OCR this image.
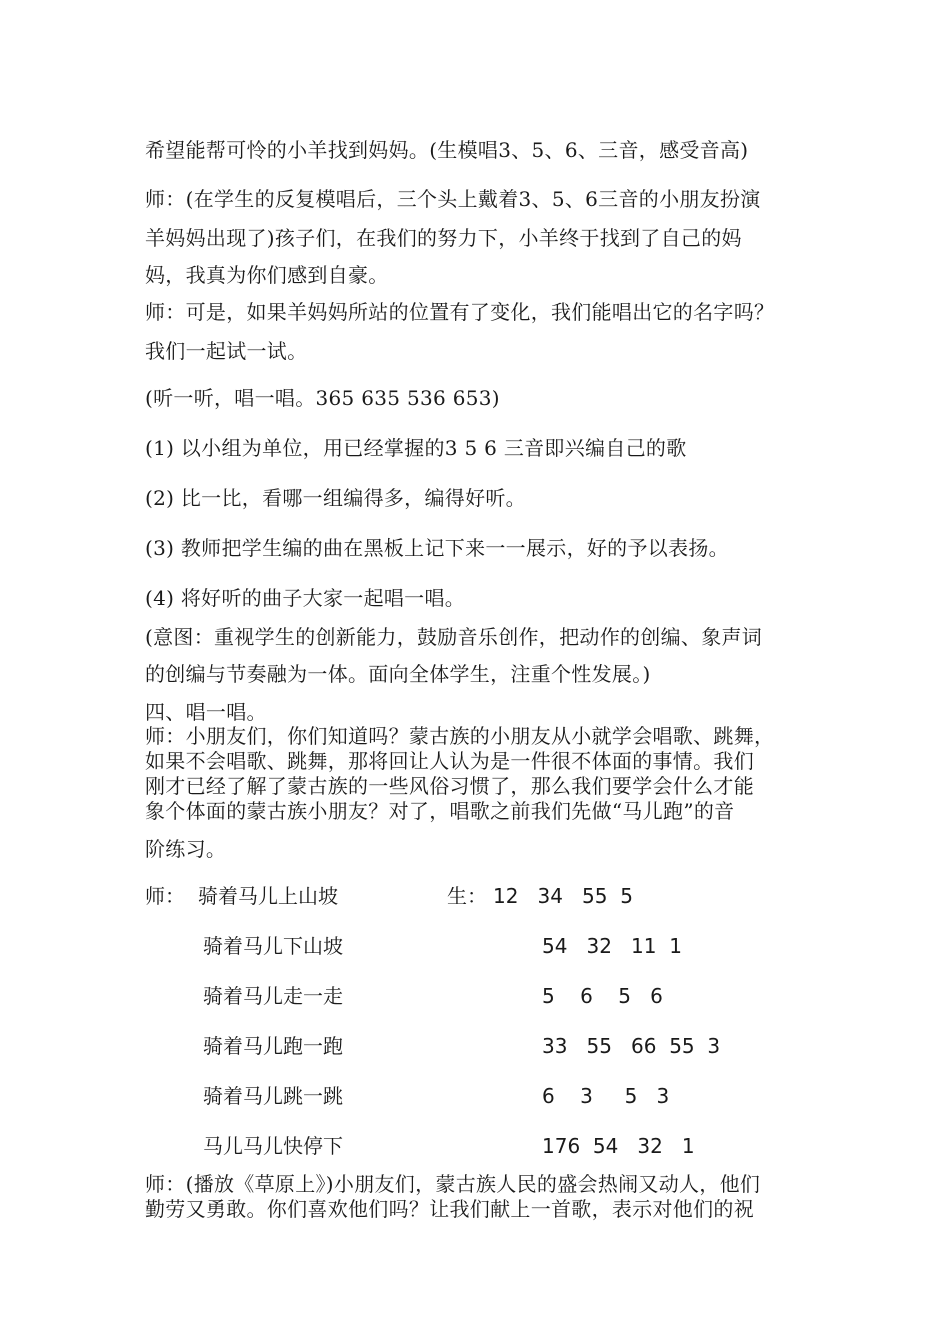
希望能帮可怜的小羊找到妈妈。(生模唱3、5、6、三音，感受音高)
师：(在学生的反复模唱后，三个头上戴着3、5、6三音的小朋友扮演
羊妈妈出现了)孩子们，在我们的努力下，小羊终于找到了自己的妈
妈，我真为你们感到自豪。
师：可是，如果羊妈妈所站的位置有了变化，我们能唱出它的名字吗？
我们一起试一试。
(听一听，唱一唱。365 635 536 653)
(1) 以小组为单位，用已经掌握的3 5 6 三音即兴编自己的歌
(2) 比一比，看哪一组编得多，编得好听。
(3) 教师把学生编的曲在黑板上记下来一一展示，好的予以表扬。
(4) 将好听的曲子大家一起唱一唱。
(意图：重视学生的创新能力，鼓励音乐创作，把动作的创编、象声词
的创编与节奏融为一体。面向全体学生，注重个性发展。)
四、唱一唱。
师：小朋友们，你们知道吗？蒙古族的小朋友从小就学会唱歌、跳舞，
如果不会唱歌、跳舞，那将回让人认为是一件很不体面的事情。我们
刚才已经了解了蒙古族的一些风俗习惯了，那么我们要学会什么才能
象个体面的蒙古族小朋友？对了，唱歌之前我们先做“马儿跑”的音
阶练习。
师：	生：
骑着马儿上山坡	12   34   55  5
骑着马儿下山坡	54   32   11  1
骑着马儿走一走	5    6    5   6
骑着马儿跑一跑	33   55   66  55  3
骑着马儿跳一跳	6    3     5   3
马儿马儿快停下	176  54   32   1
师：(播放《草原上》)小朋友们，蒙古族人民的盛会热闹又动人，他们
勤劳又勇敢。你们喜欢他们吗？让我们献上一首歌，表示对他们的祝
